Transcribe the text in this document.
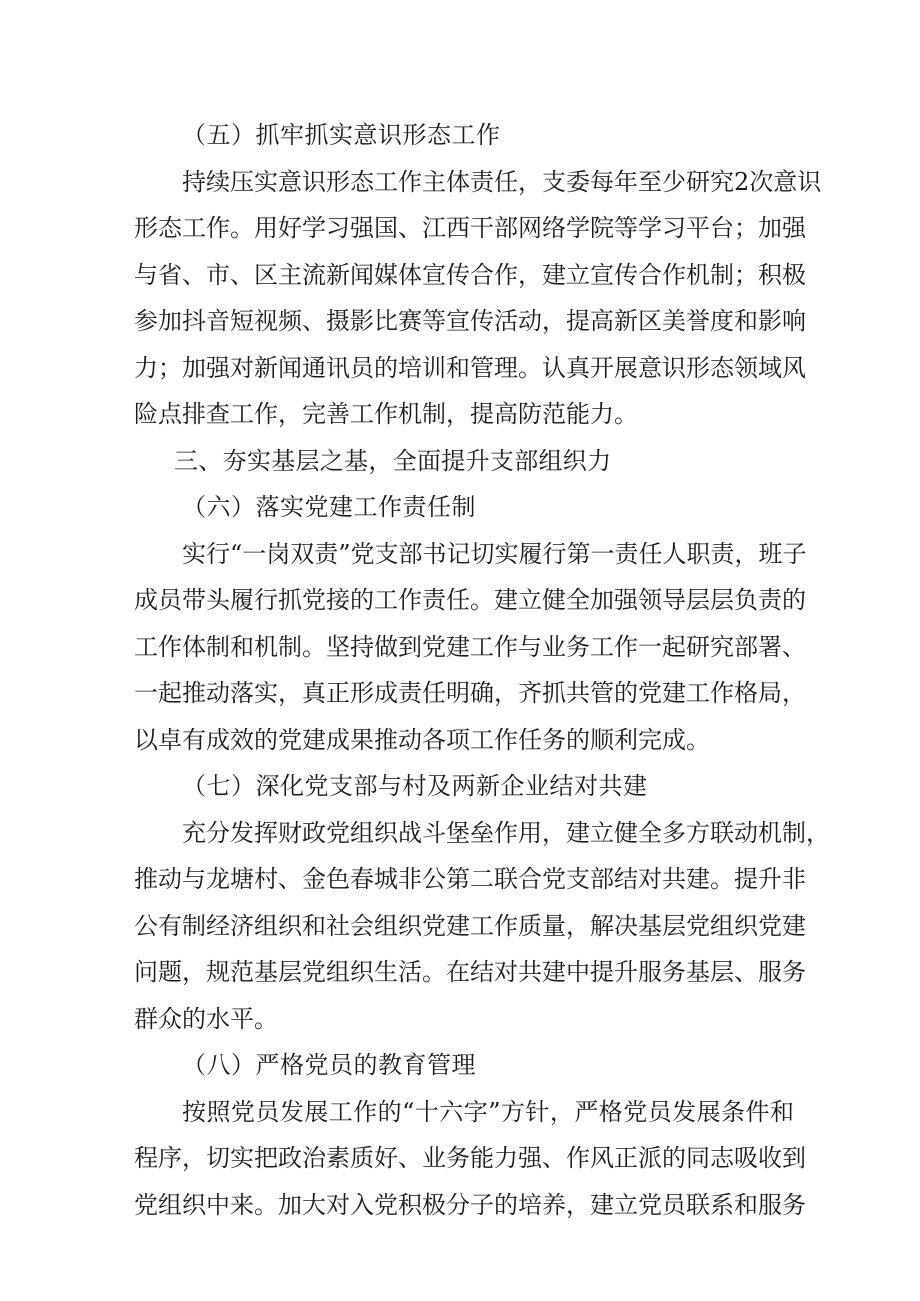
（五）抓牢抓实意识形态工作
持续压实意识形态工作主体责任，支委每年至少研究2次意识
形态工作。用好学习强国、江西干部网络学院等学习平台；加强
与省、市、区主流新闻媒体宣传合作，建立宣传合作机制；积极
参加抖音短视频、摄影比赛等宣传活动，提高新区美誉度和影响
力；加强对新闻通讯员的培训和管理。认真开展意识形态领域风
险点排查工作，完善工作机制，提高防范能力。
三、夯实基层之基，全面提升支部组织力
（六）落实党建工作责任制
实行“一岗双责”党支部书记切实履行第一责任人职责，班子
成员带头履行抓党接的工作责任。建立健全加强领导层层负责的
工作体制和机制。坚持做到党建工作与业务工作一起研究部署、
一起推动落实，真正形成责任明确，齐抓共管的党建工作格局，
以卓有成效的党建成果推动各项工作任务的顺利完成。
（七）深化党支部与村及两新企业结对共建
充分发挥财政党组织战斗堡垒作用，建立健全多方联动机制，
推动与龙塘村、金色春城非公第二联合党支部结对共建。提升非
公有制经济组织和社会组织党建工作质量，解决基层党组织党建
问题，规范基层党组织生活。在结对共建中提升服务基层、服务
群众的水平。
（八）严格党员的教育管理
按照党员发展工作的“十六字”方针，严格党员发展条件和
程序，切实把政治素质好、业务能力强、作风正派的同志吸收到
党组织中来。加大对入党积极分子的培养，建立党员联系和服务
